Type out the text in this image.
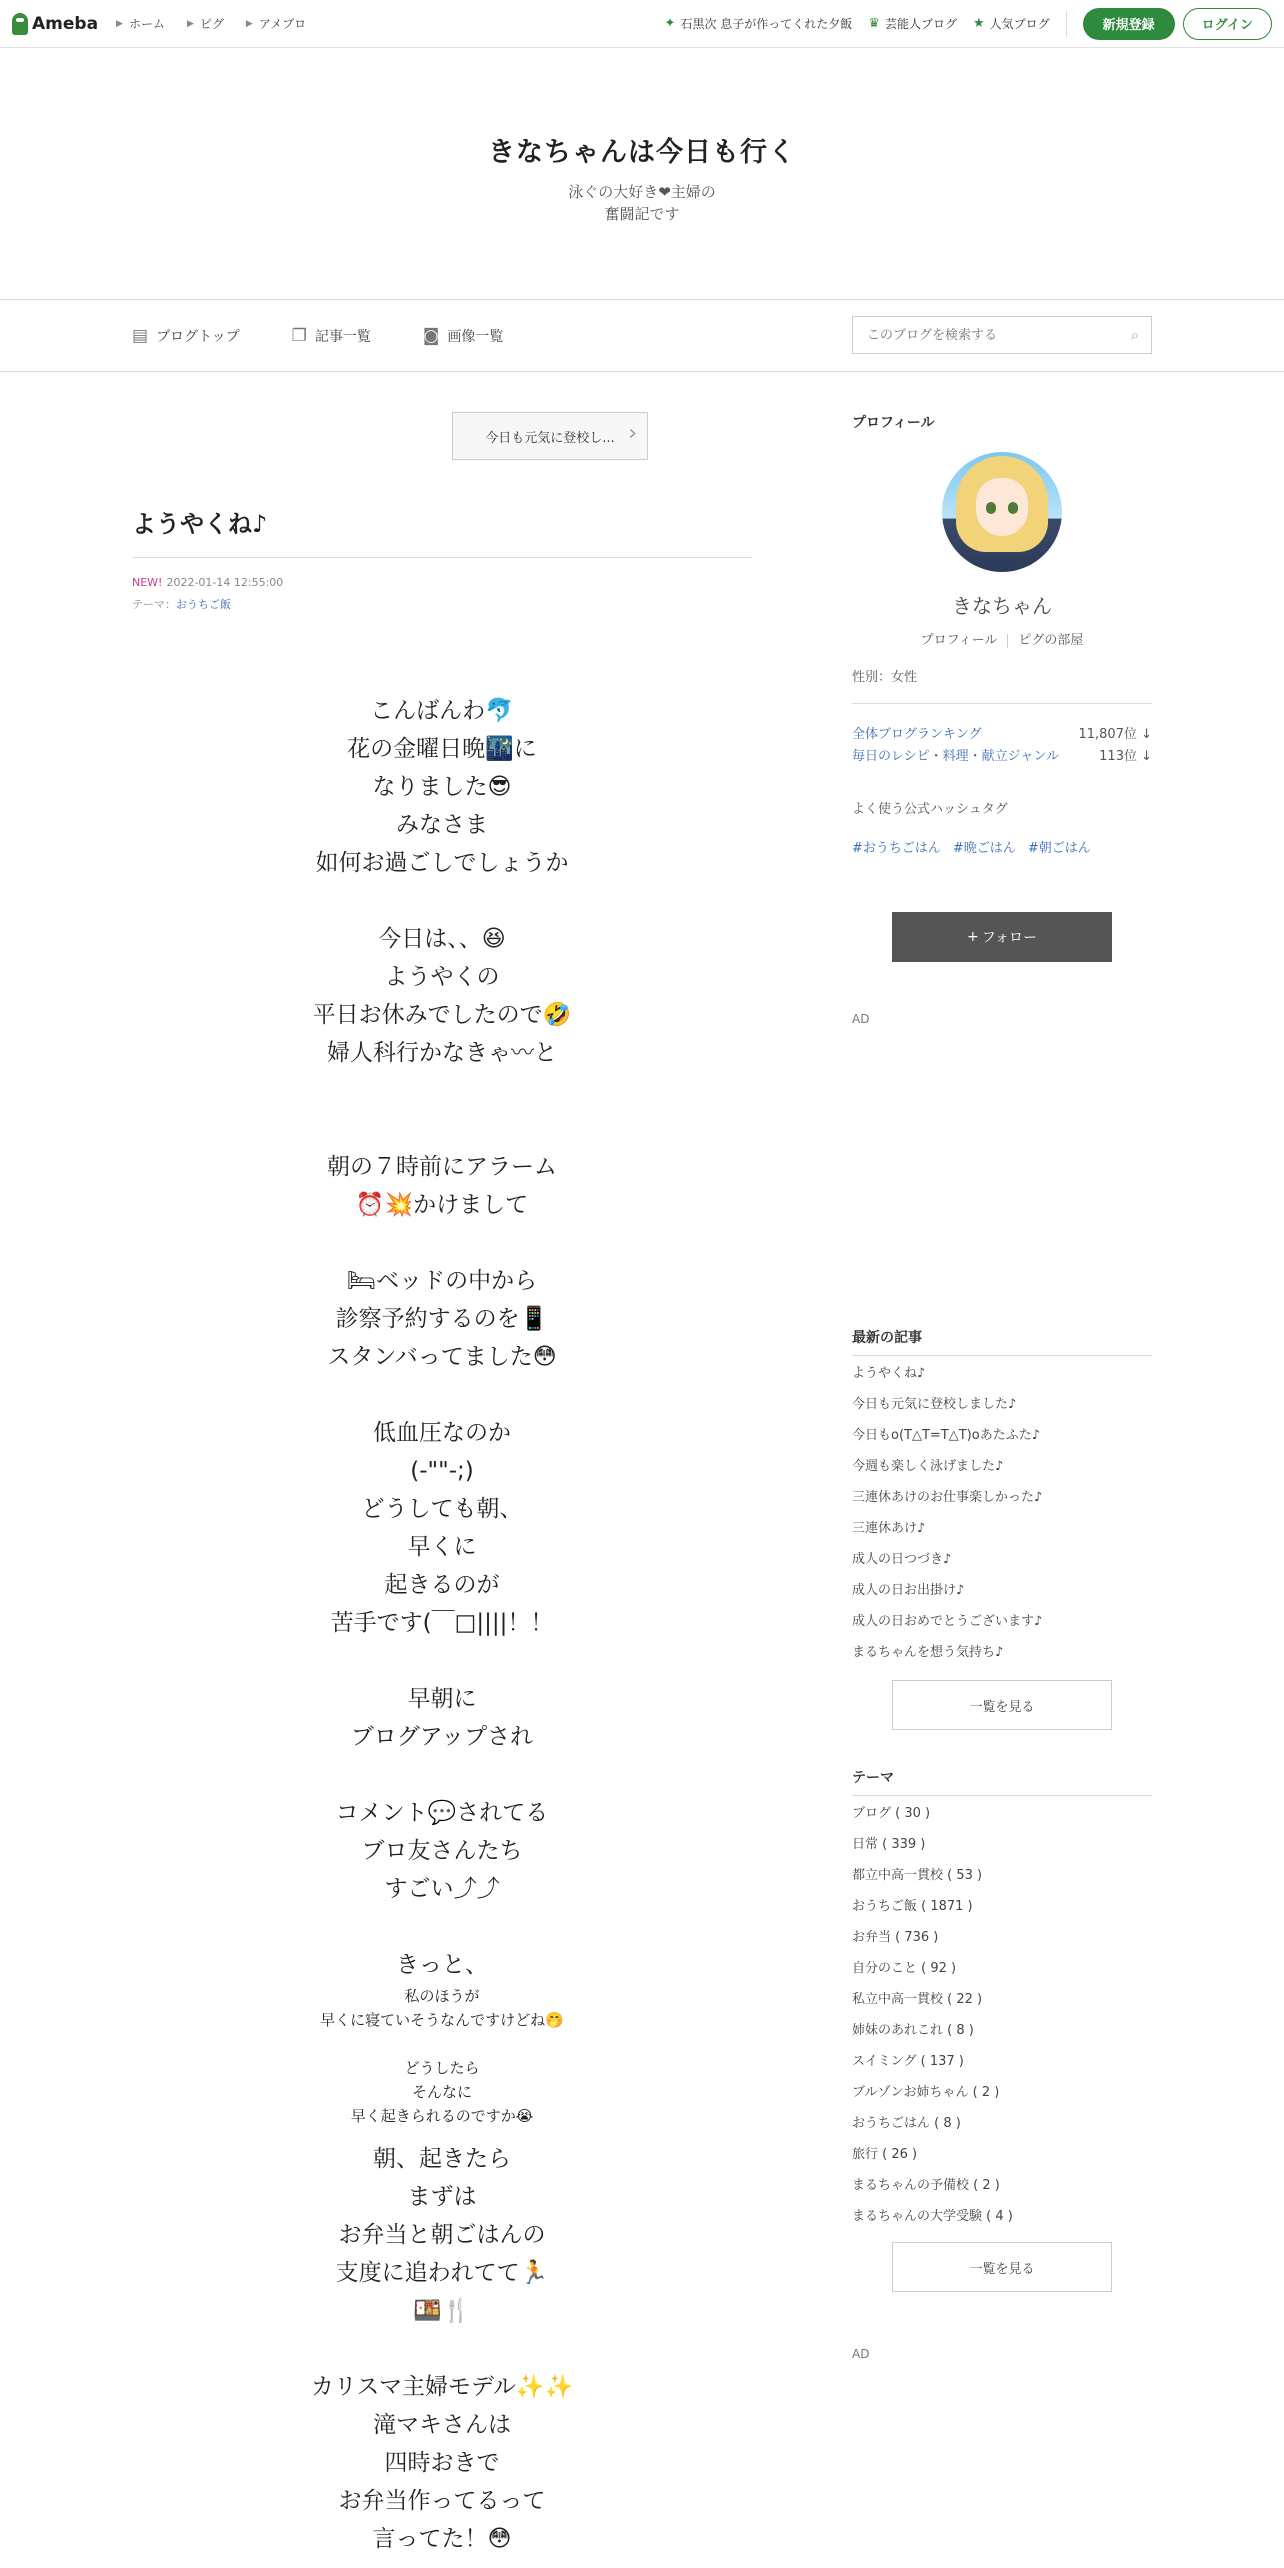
Ameba ▶ ホーム ▶ ピグ ▶ アメブロ	✦ 石黒次 息子が作ってくれた夕飯 ♛ 芸能人ブログ ★ 人気ブログ	新規登録	ログイン
きなちゃんは今日も行く
泳ぐの大好き❤︎主婦の
奮闘記です
▤ ブログトップ	❐ 記事一覧	◙ 画像一覧
このブログを検索する	⌕
今日も元気に登校し... ›
ようやくね♪
NEW! 2022-01-14 12:55:00
テーマ：おうちご飯
こんばんわ🐬
花の金曜日晩🌃に
なりました😎
みなさま
如何お過ごしでしょうか
今日は、、😆
ようやくの
平日お休みでしたので🤣
婦人科行かなきゃ〰と
朝の７時前にアラーム
⏰💥かけまして
🛏ベッドの中から
診察予約するのを📱
スタンバってました😳
低血圧なのか
(-""-;)
どうしても朝、
早くに
起きるのが
苦手です(￣□||||！！
早朝に
ブログアップされ
コメント💬されてる
ブロ友さんたち
すごい⤴⤴
きっと、
私のほうが
早くに寝ていそうなんですけどね🤭
どうしたら
そんなに
早く起きられるのですか😭
朝、起きたら
まずは
お弁当と朝ごはんの
支度に追われてて🏃
🍱🍴
カリスマ主婦モデル✨✨
滝マキさんは
四時おきで
お弁当作ってるって
言ってた！😳
プロフィール
きなちゃん
プロフィール ピグの部屋
性別：女性
全体ブログランキング	11,807位 ↓
毎日のレシピ・料理・献立ジャンル	113位 ↓
よく使う公式ハッシュタグ
#おうちごはん #晩ごはん #朝ごはん
+ フォロー
AD
最新の記事
ようやくね♪
今日も元気に登校しました♪
今日もo(T△T=T△T)oあたふた♪
今週も楽しく泳げました♪
三連休あけのお仕事楽しかった♪
三連休あけ♪
成人の日つづき♪
成人の日お出掛け♪
成人の日おめでとうございます♪
まるちゃんを想う気持ち♪
一覧を見る
テーマ
ブログ ( 30 )
日常 ( 339 )
都立中高一貫校 ( 53 )
おうちご飯 ( 1871 )
お弁当 ( 736 )
自分のこと ( 92 )
私立中高一貫校 ( 22 )
姉妹のあれこれ ( 8 )
スイミング ( 137 )
ブルゾンお姉ちゃん ( 2 )
おうちごはん ( 8 )
旅行 ( 26 )
まるちゃんの予備校 ( 2 )
まるちゃんの大学受験 ( 4 )
一覧を見る
AD
